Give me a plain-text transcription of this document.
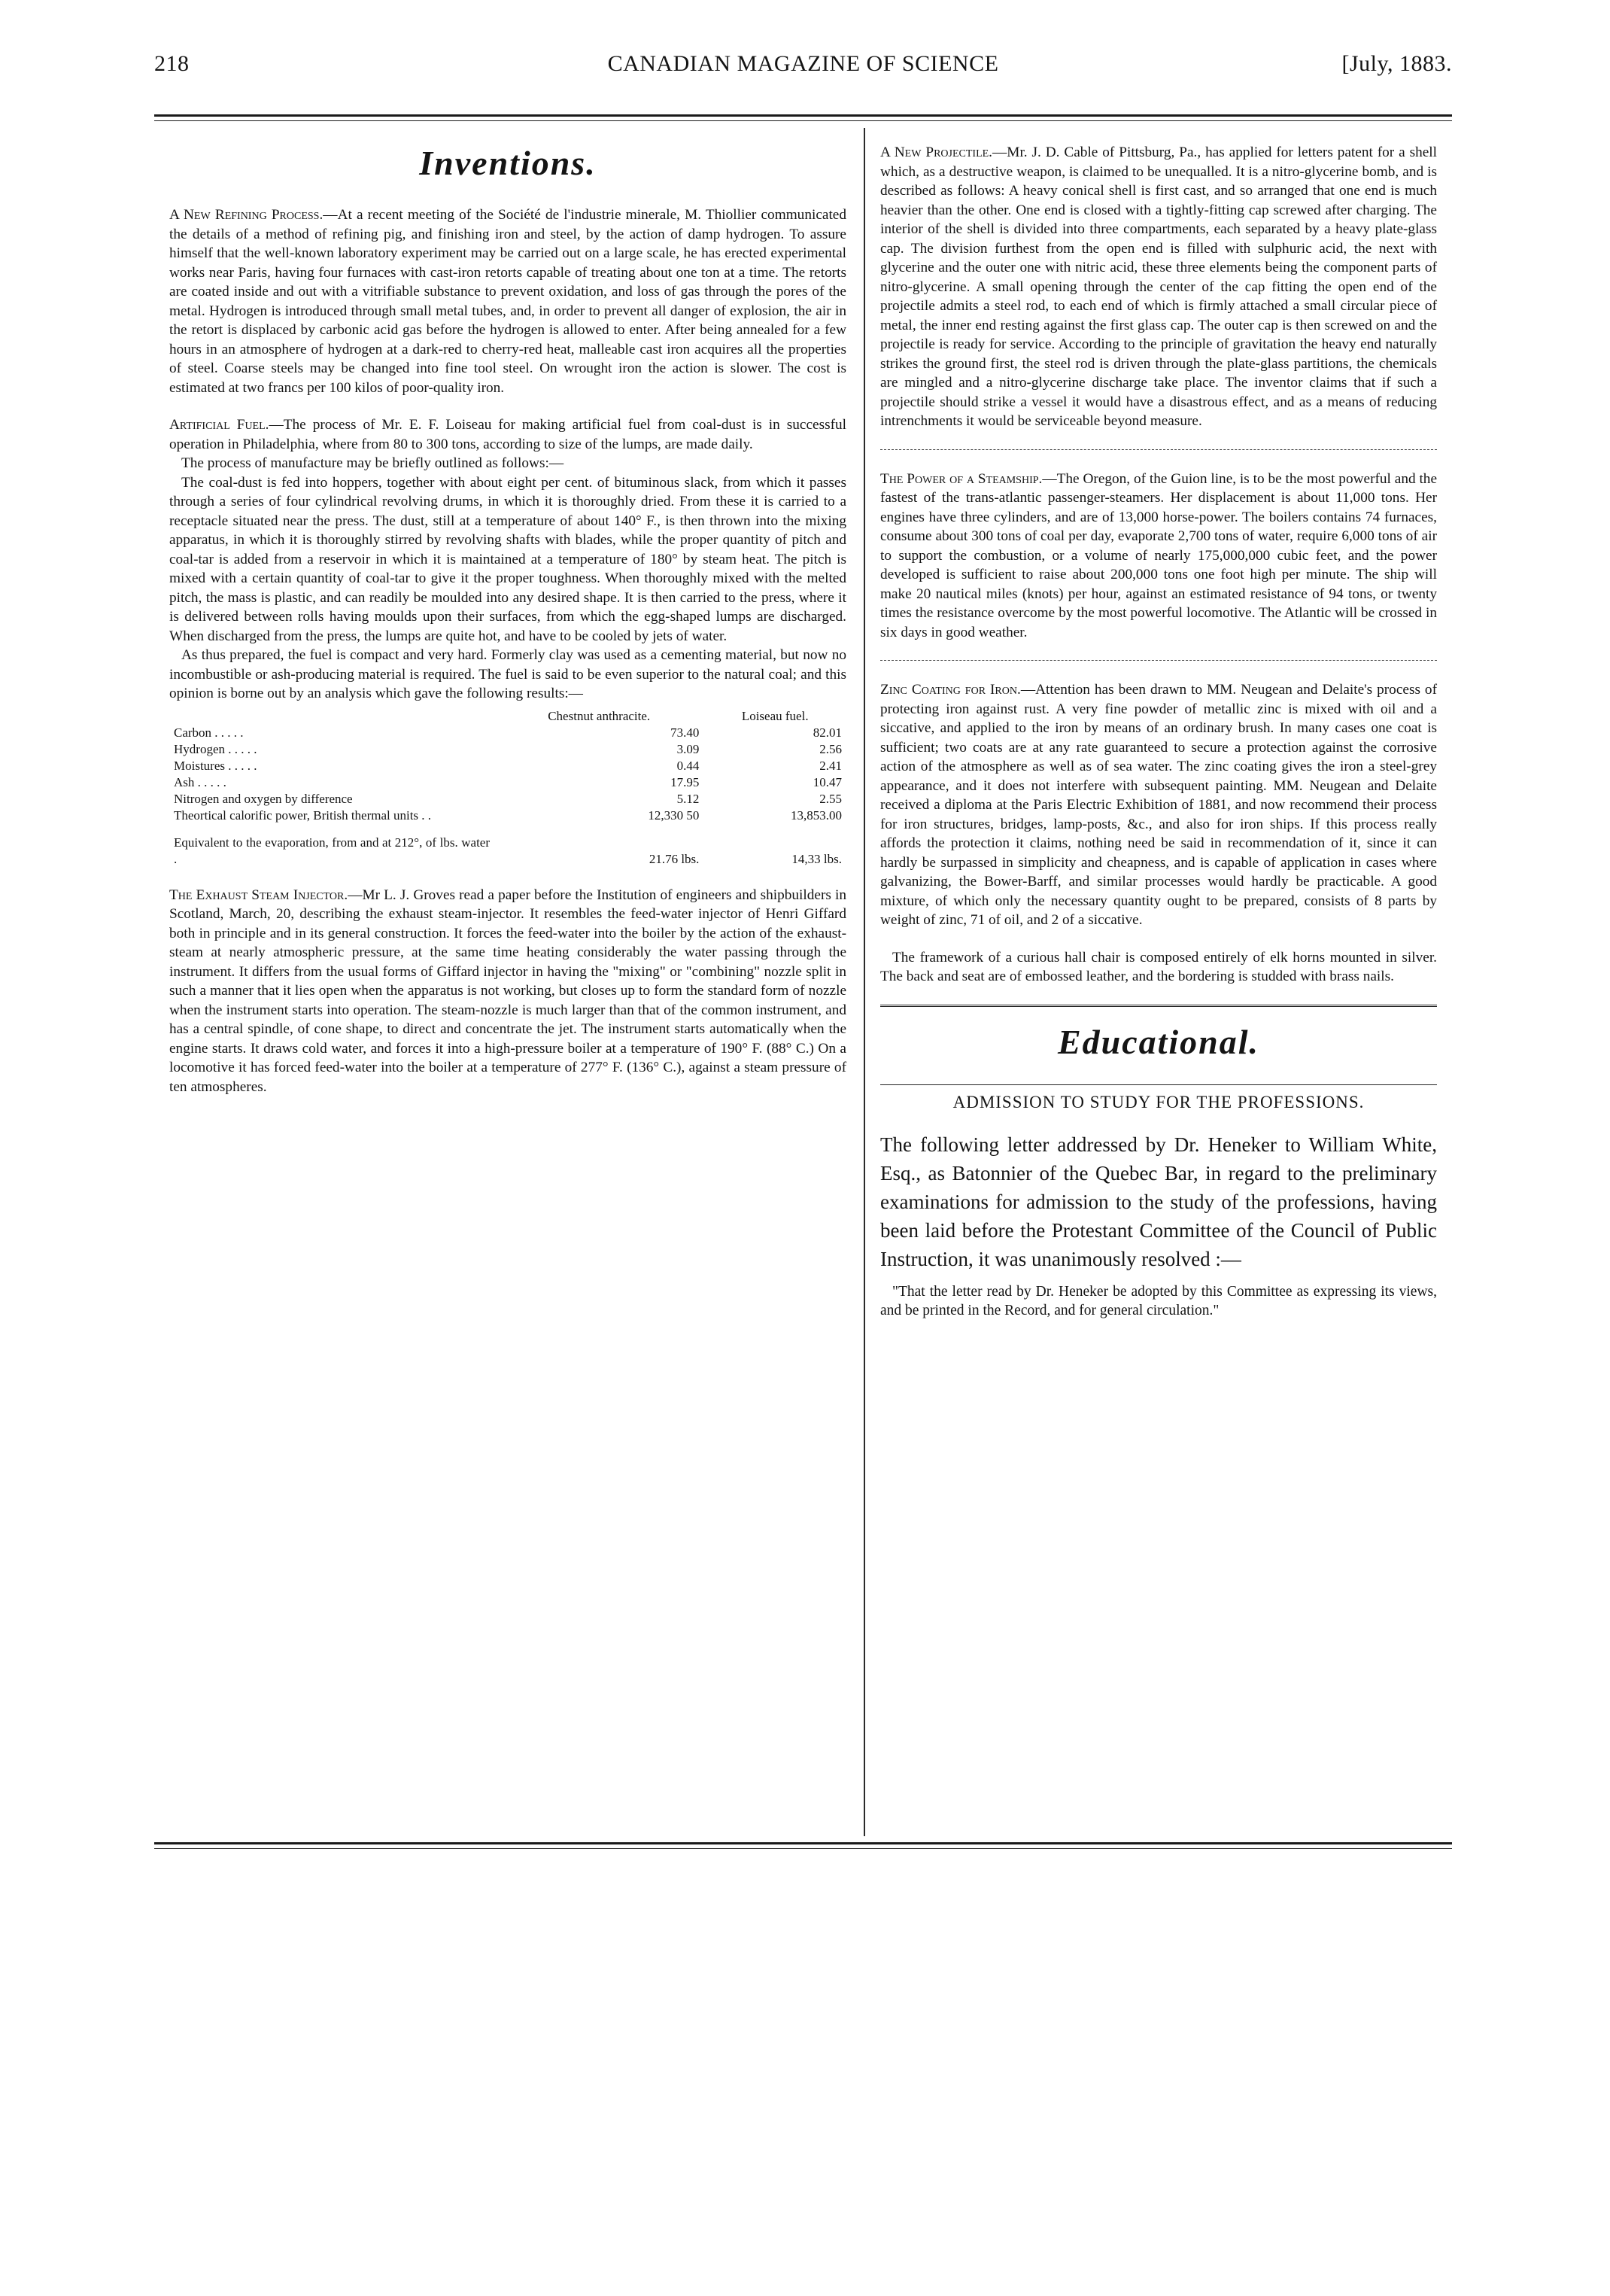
218	CANADIAN MAGAZINE OF SCIENCE	[July, 1883.
Inventions.

A New Refining Process.—At a recent meeting of the Société de l'industrie minerale, M. Thiollier communicated the details of a method of refining pig, and finishing iron and steel, by the action of damp hydrogen. To assure himself that the well-known laboratory experiment may be carried out on a large scale, he has erected experimental works near Paris, having four furnaces with cast-iron retorts capable of treating about one ton at a time. The retorts are coated inside and out with a vitrifiable substance to prevent oxidation, and loss of gas through the pores of the metal. Hydrogen is introduced through small metal tubes, and, in order to prevent all danger of explosion, the air in the retort is displaced by carbonic acid gas before the hydrogen is allowed to enter. After being annealed for a few hours in an atmosphere of hydrogen at a dark-red to cherry-red heat, malleable cast iron acquires all the properties of steel. Coarse steels may be changed into fine tool steel. On wrought iron the action is slower. The cost is estimated at two francs per 100 kilos of poor-quality iron.

Artificial Fuel.—The process of Mr. E. F. Loiseau for making artificial fuel from coal-dust is in successful operation in Philadelphia, where from 80 to 300 tons, according to size of the lumps, are made daily.

The process of manufacture may be briefly outlined as follows:—

The coal-dust is fed into hoppers, together with about eight per cent. of bituminous slack, from which it passes through a series of four cylindrical revolving drums, in which it is thoroughly dried. From these it is carried to a receptacle situated near the press. The dust, still at a temperature of about 140° F., is then thrown into the mixing apparatus, in which it is thoroughly stirred by revolving shafts with blades, while the proper quantity of pitch and coal-tar is added from a reservoir in which it is maintained at a temperature of 180° by steam heat. The pitch is mixed with a certain quantity of coal-tar to give it the proper toughness. When thoroughly mixed with the melted pitch, the mass is plastic, and can readily be moulded into any desired shape. It is then carried to the press, where it is delivered between rolls having moulds upon their surfaces, from which the egg-shaped lumps are discharged. When discharged from the press, the lumps are quite hot, and have to be cooled by jets of water.

As thus prepared, the fuel is compact and very hard. Formerly clay was used as a cementing material, but now no incombustible or ash-producing material is required. The fuel is said to be even superior to the natural coal; and this opinion is borne out by an analysis which gave the following results:—

	Chestnut anthracite.	Loiseau fuel.
Carbon . . . . .	73.40	82.01
Hydrogen . . . . .	3.09	2.56
Moistures . . . . .	0.44	2.41
Ash . . . . .	17.95	10.47
Nitrogen and oxygen by difference	5.12	2.55
Theortical calorific power, British thermal units . .	12,330 50	13,853.00
Equivalent to the evaporation, from and at 212°, of lbs. water .	21.76 lbs.	14,33 lbs.

The Exhaust Steam Injector.—Mr L. J. Groves read a paper before the Institution of engineers and shipbuilders in Scotland, March, 20, describing the exhaust steam-injector. It resembles the feed-water injector of Henri Giffard both in principle and in its general construction. It forces the feed-water into the boiler by the action of the exhaust-steam at nearly atmospheric pressure, at the same time heating considerably the water passing through the instrument. It differs from the usual forms of Giffard injector in having the "mixing" or "combining" nozzle split in such a manner that it lies open when the apparatus is not working, but closes up to form the standard form of nozzle when the instrument starts into operation. The steam-nozzle is much larger than that of the common instrument, and has a central spindle, of cone shape, to direct and concentrate the jet. The instrument starts automatically when the engine starts. It draws cold water, and forces it into a high-pressure boiler at a temperature of 190° F. (88° C.) On a locomotive it has forced feed-water into the boiler at a temperature of 277° F. (136° C.), against a steam pressure of ten atmospheres.

A New Projectile.—Mr. J. D. Cable of Pittsburg, Pa., has applied for letters patent for a shell which, as a destructive weapon, is claimed to be unequalled. It is a nitro-glycerine bomb, and is described as follows: A heavy conical shell is first cast, and so arranged that one end is much heavier than the other. One end is closed with a tightly-fitting cap screwed after charging. The interior of the shell is divided into three compartments, each separated by a heavy plate-glass cap. The division furthest from the open end is filled with sulphuric acid, the next with glycerine and the outer one with nitric acid, these three elements being the component parts of nitro-glycerine. A small opening through the center of the cap fitting the open end of the projectile admits a steel rod, to each end of which is firmly attached a small circular piece of metal, the inner end resting against the first glass cap. The outer cap is then screwed on and the projectile is ready for service. According to the principle of gravitation the heavy end naturally strikes the ground first, the steel rod is driven through the plate-glass partitions, the chemicals are mingled and a nitro-glycerine discharge take place. The inventor claims that if such a projectile should strike a vessel it would have a disastrous effect, and as a means of reducing intrenchments it would be serviceable beyond measure.

The Power of a Steamship.—The Oregon, of the Guion line, is to be the most powerful and the fastest of the trans-atlantic passenger-steamers. Her displacement is about 11,000 tons. Her engines have three cylinders, and are of 13,000 horse-power. The boilers contains 74 furnaces, consume about 300 tons of coal per day, evaporate 2,700 tons of water, require 6,000 tons of air to support the combustion, or a volume of nearly 175,000,000 cubic feet, and the power developed is sufficient to raise about 200,000 tons one foot high per minute. The ship will make 20 nautical miles (knots) per hour, against an estimated resistance of 94 tons, or twenty times the resistance overcome by the most powerful locomotive. The Atlantic will be crossed in six days in good weather.

Zinc Coating for Iron.—Attention has been drawn to MM. Neugean and Delaite's process of protecting iron against rust. A very fine powder of metallic zinc is mixed with oil and a siccative, and applied to the iron by means of an ordinary brush. In many cases one coat is sufficient; two coats are at any rate guaranteed to secure a protection against the corrosive action of the atmosphere as well as of sea water. The zinc coating gives the iron a steel-grey appearance, and it does not interfere with subsequent painting. MM. Neugean and Delaite received a diploma at the Paris Electric Exhibition of 1881, and now recommend their process for iron structures, bridges, lamp-posts, &c., and also for iron ships. If this process really affords the protection it claims, nothing need be said in recommendation of it, since it can hardly be surpassed in simplicity and cheapness, and is capable of application in cases where galvanizing, the Bower-Barff, and similar processes would hardly be practicable. A good mixture, of which only the necessary quantity ought to be prepared, consists of 8 parts by weight of zinc, 71 of oil, and 2 of a siccative.

The framework of a curious hall chair is composed entirely of elk horns mounted in silver. The back and seat are of embossed leather, and the bordering is studded with brass nails.

Educational.
ADMISSION TO STUDY FOR THE PROFESSIONS.

The following letter addressed by Dr. Heneker to William White, Esq., as Batonnier of the Quebec Bar, in regard to the preliminary examinations for admission to the study of the professions, having been laid before the Protestant Committee of the Council of Public Instruction, it was unanimously resolved :—

"That the letter read by Dr. Heneker be adopted by this Committee as expressing its views, and be printed in the Record, and for general circulation."
